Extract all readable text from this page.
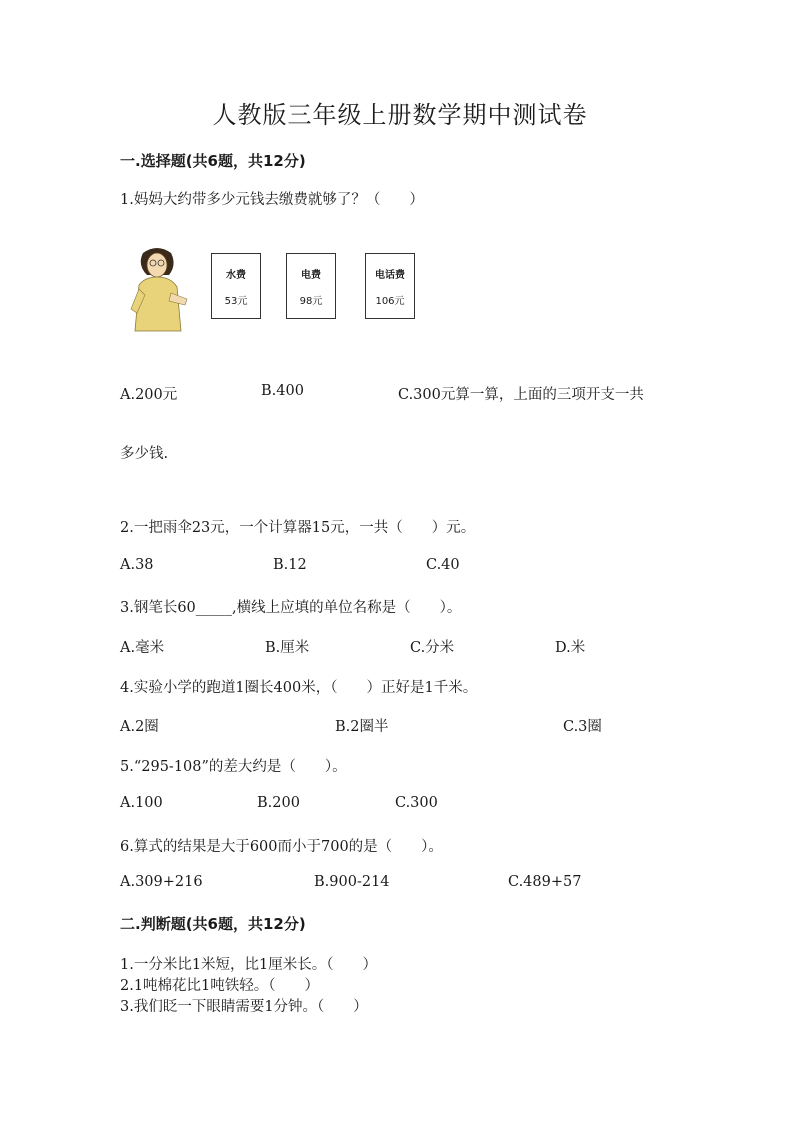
人教版三年级上册数学期中测试卷
一.选择题(共6题，共12分)
1.妈妈大约带多少元钱去缴费就够了？（　　）
水费
53元
电费
98元
电话费
106元
A.200元	B.400	C.300元算一算，上面的三项开支一共
多少钱.
2.一把雨伞23元，一个计算器15元，一共（　　）元。
A.38	B.12	C.40
3.钢笔长60_____,横线上应填的单位名称是（　　）。
A.毫米	B.厘米	C.分米	D.米
4.实验小学的跑道1圈长400米，（　　）正好是1千米。
A.2圈	B.2圈半	C.3圈
5.“295-108”的差大约是（　　）。
A.100	B.200	C.300
6.算式的结果是大于600而小于700的是（　　）。
A.309+216	B.900-214	C.489+57
二.判断题(共6题，共12分)
1.一分米比1米短，比1厘米长。（　　）
2.1吨棉花比1吨铁轻。（　　）
3.我们眨一下眼睛需要1分钟。（　　）
